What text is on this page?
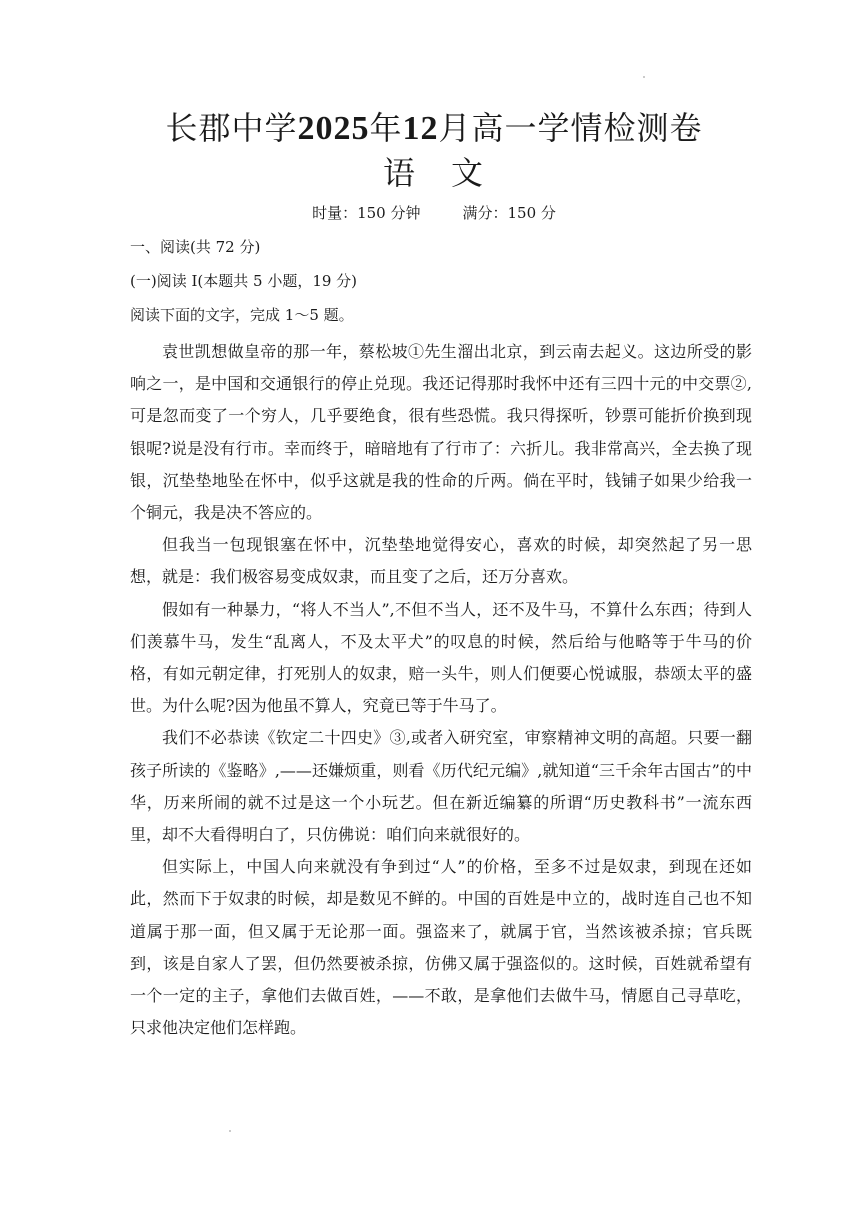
长郡中学2025年12月高一学情检测卷
语　文
时量：150 分钟	满分：150 分
一、阅读(共 72 分)
(一)阅读 I(本题共 5 小题，19 分)
阅读下面的文字，完成 1～5 题。

袁世凯想做皇帝的那一年，蔡松坡①先生溜出北京，到云南去起义。这边所受的影响之一，是中国和交通银行的停止兑现。我还记得那时我怀中还有三四十元的中交票②,可是忽而变了一个穷人，几乎要绝食，很有些恐慌。我只得探听，钞票可能折价换到现银呢?说是没有行市。幸而终于，暗暗地有了行市了：六折儿。我非常高兴，全去换了现银，沉垫垫地坠在怀中，似乎这就是我的性命的斤两。倘在平时，钱铺子如果少给我一个铜元，我是决不答应的。

但我当一包现银塞在怀中，沉垫垫地觉得安心，喜欢的时候，却突然起了另一思想，就是：我们极容易变成奴隶，而且变了之后，还万分喜欢。

假如有一种暴力，“将人不当人”,不但不当人，还不及牛马，不算什么东西；待到人们羡慕牛马，发生“乱离人，不及太平犬”的叹息的时候，然后给与他略等于牛马的价格，有如元朝定律，打死别人的奴隶，赔一头牛，则人们便要心悦诚服，恭颂太平的盛世。为什么呢?因为他虽不算人，究竟已等于牛马了。

我们不必恭读《钦定二十四史》③,或者入研究室，审察精神文明的高超。只要一翻孩子所读的《鉴略》,——还嫌烦重，则看《历代纪元编》,就知道“三千余年古国古”的中华，历来所闹的就不过是这一个小玩艺。但在新近编纂的所谓“历史教科书”一流东西里，却不大看得明白了，只仿佛说：咱们向来就很好的。

但实际上，中国人向来就没有争到过“人”的价格，至多不过是奴隶，到现在还如此，然而下于奴隶的时候，却是数见不鲜的。中国的百姓是中立的，战时连自己也不知道属于那一面，但又属于无论那一面。强盗来了，就属于官，当然该被杀掠；官兵既到，该是自家人了罢，但仍然要被杀掠，仿佛又属于强盗似的。这时候，百姓就希望有一个一定的主子，拿他们去做百姓，——不敢，是拿他们去做牛马，情愿自己寻草吃，只求他决定他们怎样跑。
